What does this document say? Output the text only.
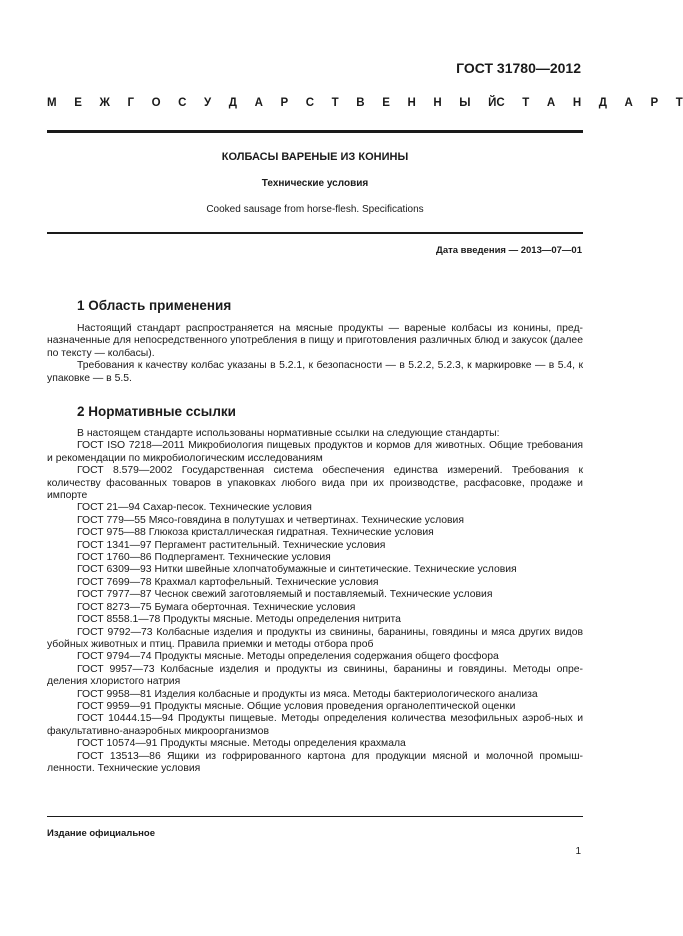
ГОСТ 31780—2012
М Е Ж Г О С У Д А Р С Т В Е Н Н Ы Й С Т А Н Д А Р Т
КОЛБАСЫ ВАРЕНЫЕ ИЗ КОНИНЫ
Технические условия
Cooked sausage from horse-flesh. Specifications
Дата введения — 2013—07—01
1 Область применения

Настоящий стандарт распространяется на мясные продукты — вареные колбасы из конины, пред-назначенные для непосредственного употребления в пищу и приготовления различных блюд и закусок (далее по тексту — колбасы).

Требования к качеству колбас указаны в 5.2.1, к безопасности — в 5.2.2, 5.2.3, к маркировке — в 5.4, к упаковке — в 5.5.

2 Нормативные ссылки

В настоящем стандарте использованы нормативные ссылки на следующие стандарты:

ГОСТ ISO 7218—2011 Микробиология пищевых продуктов и кормов для животных. Общие требования и рекомендации по микробиологическим исследованиям

ГОСТ 8.579—2002 Государственная система обеспечения единства измерений. Требования к количеству фасованных товаров в упаковках любого вида при их производстве, расфасовке, продаже и импорте

ГОСТ 21—94 Сахар-песок. Технические условия

ГОСТ 779—55 Мясо-говядина в полутушах и четвертинах. Технические условия

ГОСТ 975—88 Глюкоза кристаллическая гидратная. Технические условия

ГОСТ 1341—97 Пергамент растительный. Технические условия

ГОСТ 1760—86 Подпергамент. Технические условия

ГОСТ 6309—93 Нитки швейные хлопчатобумажные и синтетические. Технические условия

ГОСТ 7699—78 Крахмал картофельный. Технические условия

ГОСТ 7977—87 Чеснок свежий заготовляемый и поставляемый. Технические условия

ГОСТ 8273—75 Бумага оберточная. Технические условия

ГОСТ 8558.1—78 Продукты мясные. Методы определения нитрита

ГОСТ 9792—73 Колбасные изделия и продукты из свинины, баранины, говядины и мяса других видов убойных животных и птиц. Правила приемки и методы отбора проб

ГОСТ 9794—74 Продукты мясные. Методы определения содержания общего фосфора

ГОСТ 9957—73 Колбасные изделия и продукты из свинины, баранины и говядины. Методы опре-деления хлористого натрия

ГОСТ 9958—81 Изделия колбасные и продукты из мяса. Методы бактериологического анализа

ГОСТ 9959—91 Продукты мясные. Общие условия проведения органолептической оценки

ГОСТ 10444.15—94 Продукты пищевые. Методы определения количества мезофильных аэроб-ных и факультативно-анаэробных микроорганизмов

ГОСТ 10574—91 Продукты мясные. Методы определения крахмала

ГОСТ 13513—86 Ящики из гофрированного картона для продукции мясной и молочной промыш-ленности. Технические условия

Издание официальное
1
